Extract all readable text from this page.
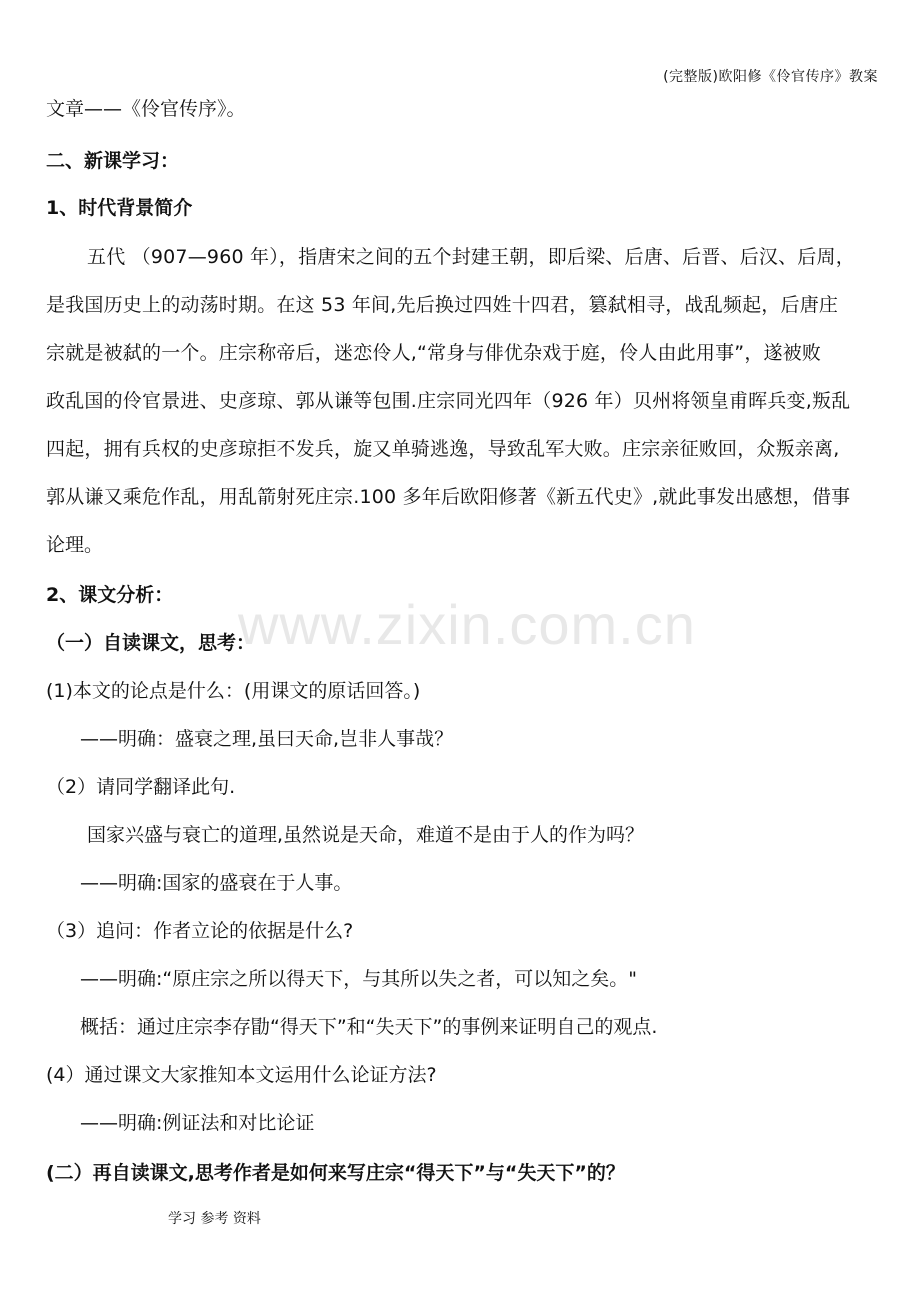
(完整版)欧阳修《伶官传序》教案
www.zixin.com.cn
文章——《伶官传序》。
二、新课学习：
1、时代背景简介
五代 （907—960 年），指唐宋之间的五个封建王朝，即后梁、后唐、后晋、后汉、后周，
是我国历史上的动荡时期。在这 53 年间,先后换过四姓十四君，篡弑相寻，战乱频起，后唐庄
宗就是被弑的一个。庄宗称帝后，迷恋伶人,“常身与俳优杂戏于庭，伶人由此用事”，遂被败
政乱国的伶官景进、史彦琼、郭从谦等包围.庄宗同光四年（926 年）贝州将领皇甫晖兵变,叛乱
四起，拥有兵权的史彦琼拒不发兵，旋又单骑逃逸，导致乱军大败。庄宗亲征败回，众叛亲离,
郭从谦又乘危作乱，用乱箭射死庄宗.100 多年后欧阳修著《新五代史》,就此事发出感想，借事
论理。
2、课文分析：
（一）自读课文，思考：
(1)本文的论点是什么：(用课文的原话回答。)
——明确：盛衰之理,虽曰天命,岂非人事哉？
（2）请同学翻译此句.
国家兴盛与衰亡的道理,虽然说是天命，难道不是由于人的作为吗？
——明确:国家的盛衰在于人事。
（3）追问：作者立论的依据是什么?
——明确:“原庄宗之所以得天下，与其所以失之者，可以知之矣。"
概括：通过庄宗李存勖“得天下”和“失天下”的事例来证明自己的观点.
(4）通过课文大家推知本文运用什么论证方法?
——明确:例证法和对比论证
(二）再自读课文,思考作者是如何来写庄宗“得天下”与“失天下”的？
学习 参考 资料
